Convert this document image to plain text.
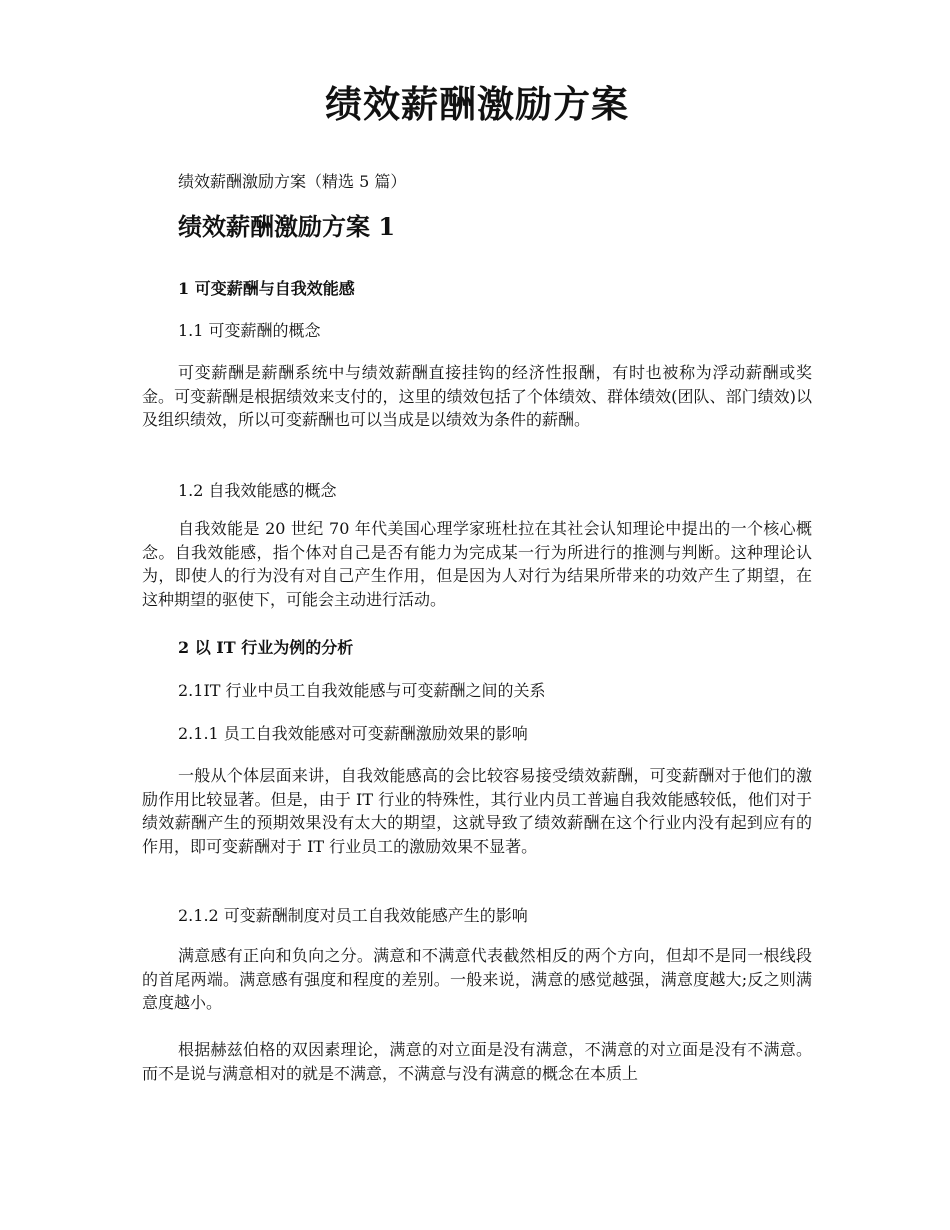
绩效薪酬激励方案

绩效薪酬激励方案（精选 5 篇）

绩效薪酬激励方案 1

1 可变薪酬与自我效能感

1.1 可变薪酬的概念

可变薪酬是薪酬系统中与绩效薪酬直接挂钩的经济性报酬，有时也被称为浮动薪酬或奖金。可变薪酬是根据绩效来支付的，这里的绩效包括了个体绩效、群体绩效(团队、部门绩效)以及组织绩效，所以可变薪酬也可以当成是以绩效为条件的薪酬。

1.2 自我效能感的概念

自我效能是 20 世纪 70 年代美国心理学家班杜拉在其社会认知理论中提出的一个核心概念。自我效能感，指个体对自己是否有能力为完成某一行为所进行的推测与判断。这种理论认为，即使人的行为没有对自己产生作用，但是因为人对行为结果所带来的功效产生了期望，在这种期望的驱使下，可能会主动进行活动。

2 以 IT 行业为例的分析

2.1IT 行业中员工自我效能感与可变薪酬之间的关系

2.1.1 员工自我效能感对可变薪酬激励效果的影响

一般从个体层面来讲，自我效能感高的会比较容易接受绩效薪酬，可变薪酬对于他们的激励作用比较显著。但是，由于 IT 行业的特殊性，其行业内员工普遍自我效能感较低，他们对于绩效薪酬产生的预期效果没有太大的期望，这就导致了绩效薪酬在这个行业内没有起到应有的作用，即可变薪酬对于 IT 行业员工的激励效果不显著。

2.1.2 可变薪酬制度对员工自我效能感产生的影响

满意感有正向和负向之分。满意和不满意代表截然相反的两个方向，但却不是同一根线段的首尾两端。满意感有强度和程度的差别。一般来说，满意的感觉越强，满意度越大;反之则满意度越小。

根据赫兹伯格的双因素理论，满意的对立面是没有满意，不满意的对立面是没有不满意。而不是说与满意相对的就是不满意，不满意与没有满意的概念在本质上
